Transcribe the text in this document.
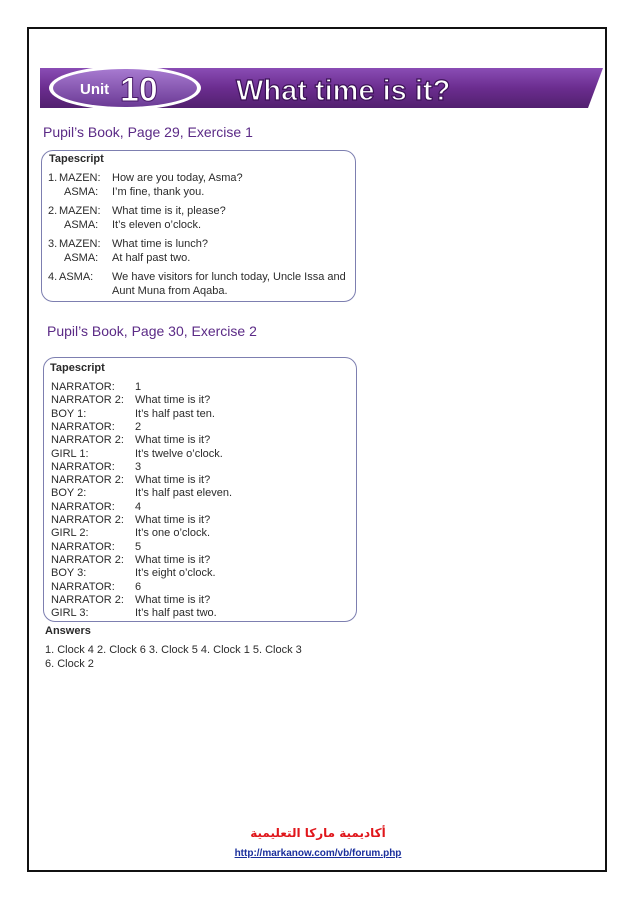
Unit 10	What time is it?
Pupil’s Book, Page 29, Exercise 1
Tapescript
1. MAZEN: How are you today, Asma?
ASMA: I’m fine, thank you.
2. MAZEN: What time is it, please?
ASMA: It’s eleven o’clock.
3. MAZEN: What time is lunch?
ASMA: At half past two.
4. ASMA: We have visitors for lunch today, Uncle Issa and
Aunt Muna from Aqaba.
Pupil’s Book, Page 30, Exercise 2
Tapescript
NARRATOR: 1
NARRATOR 2: What time is it?
BOY 1:	It’s half past ten.
NARRATOR: 2
NARRATOR 2: What time is it?
GIRL 1:	It’s twelve o’clock.
NARRATOR: 3
NARRATOR 2: What time is it?
BOY 2:	It’s half past eleven.
NARRATOR: 4
NARRATOR 2: What time is it?
GIRL 2:	It’s one o’clock.
NARRATOR: 5
NARRATOR 2: What time is it?
BOY 3:	It’s eight o’clock.
NARRATOR: 6
NARRATOR 2: What time is it?
GIRL 3:	It’s half past two.
Answers
1. Clock 4 2. Clock 6 3. Clock 5 4. Clock 1 5. Clock 3
6. Clock 2
أكاديمية ماركا التعليمية
http://markanow.com/vb/forum.php
